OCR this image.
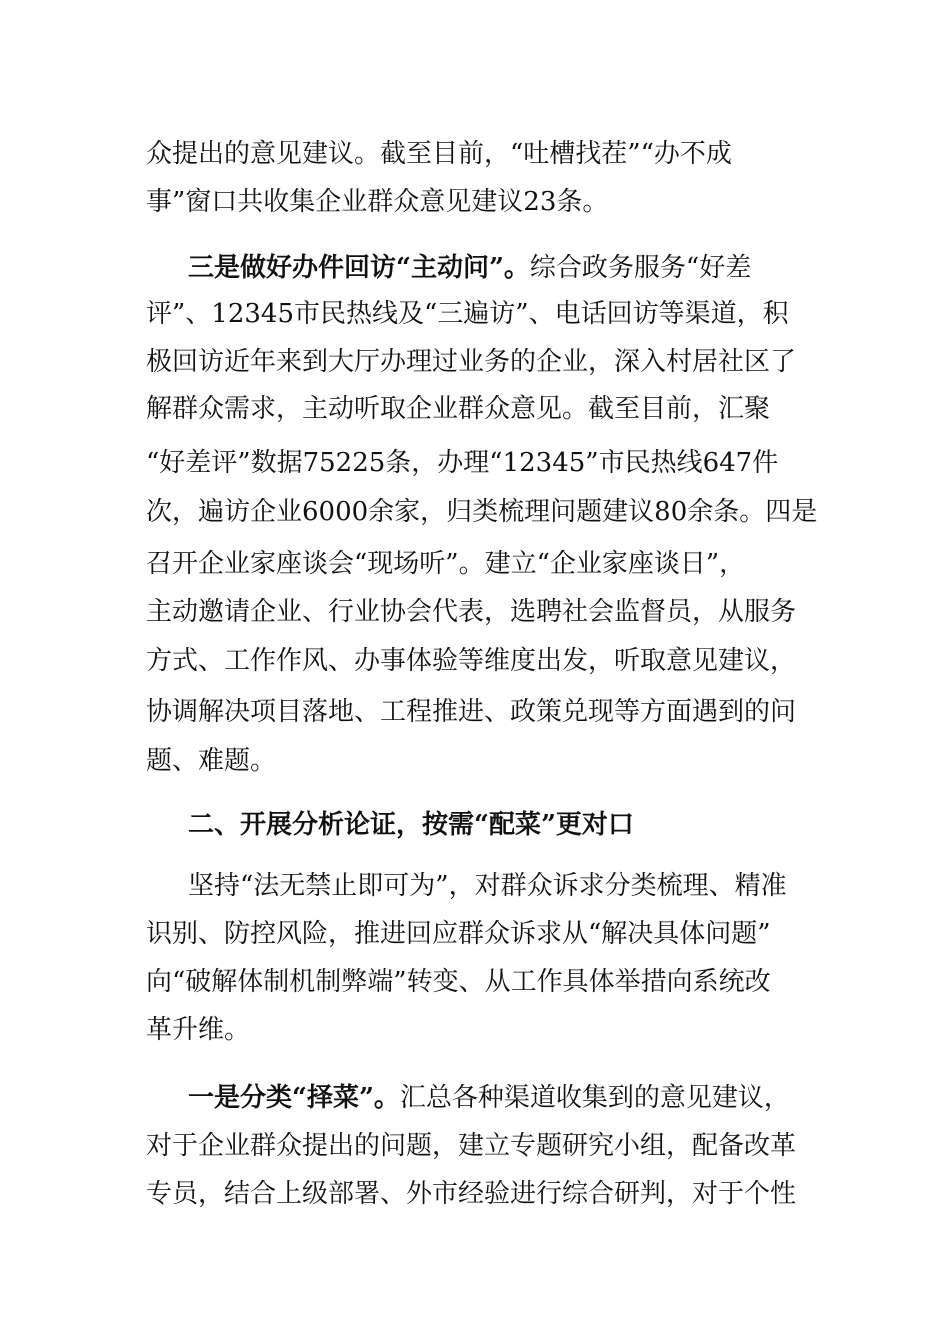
众提出的意见建议。截至目前，“吐槽找茬”“办不成
事”窗口共收集企业群众意见建议23条。
三是做好办件回访“主动问”。 综合政务服务“好差
评”、12345市民热线及“三遍访”、电话回访等渠道，积
极回访近年来到大厅办理过业务的企业，深入村居社区了
解群众需求，主动听取企业群众意见。截至目前，汇聚
“好差评”数据75225条，办理“12345”市民热线647件
次，遍访企业6000余家，归类梳理问题建议80余条。四是
召开企业家座谈会“现场听”。建立“企业家座谈日”，
主动邀请企业、行业协会代表，选聘社会监督员，从服务
方式、工作作风、办事体验等维度出发，听取意见建议，
协调解决项目落地、工程推进、政策兑现等方面遇到的问
题、难题。
二、开展分析论证，按需“配菜”更对口
坚持“法无禁止即可为”，对群众诉求分类梳理、精准
识别、防控风险，推进回应群众诉求从“解决具体问题”
向“破解体制机制弊端”转变、从工作具体举措向系统改
革升维。
一是分类“择菜”。 汇总各种渠道收集到的意见建议，
对于企业群众提出的问题，建立专题研究小组，配备改革
专员，结合上级部署、外市经验进行综合研判，对于个性
